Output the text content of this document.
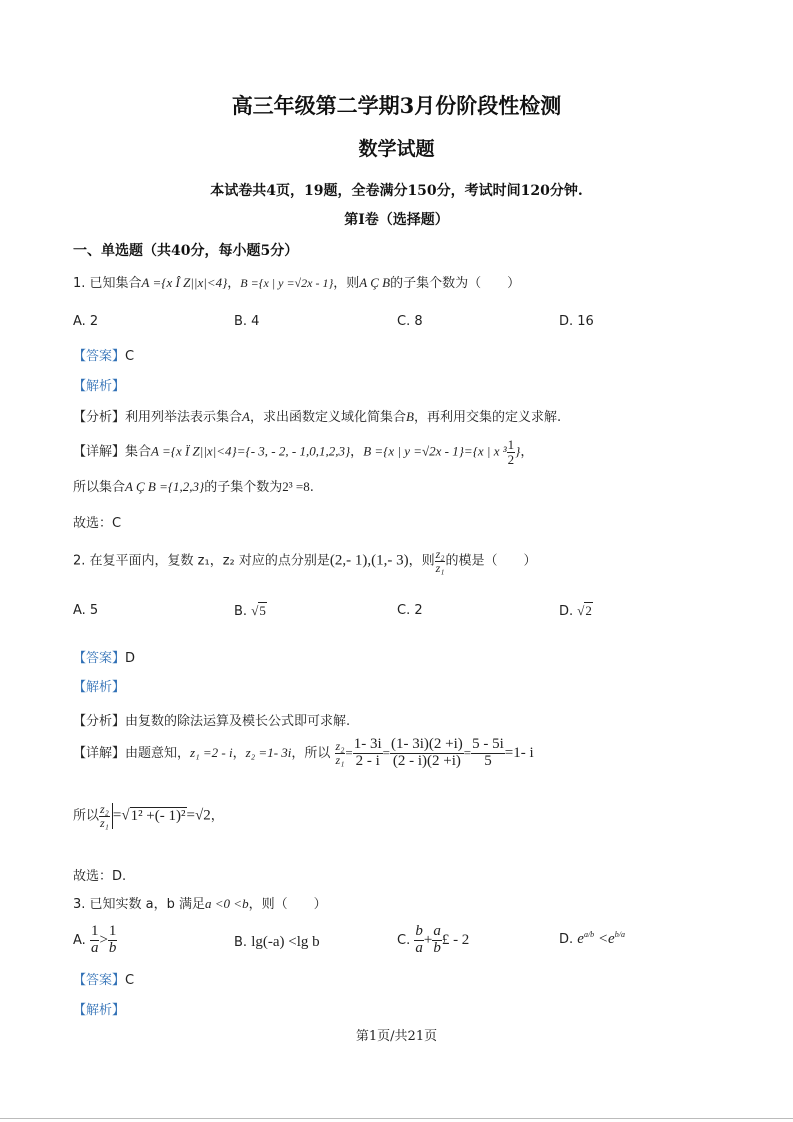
高三年级第二学期3月份阶段性检测
数学试题
本试卷共4页，19题，全卷满分150分，考试时间120分钟.
第I卷（选择题）
一、单选题（共40分，每小题5分）
1. 已知集合A ={x Î Z||x|<4}，B ={x | y =√2x - 1}，则A Ç B的子集个数为（　　）
A. 2	B. 4	C. 8	D. 16
【答案】C
【解析】
【分析】利用列举法表示集合A，求出函数定义域化简集合B，再利用交集的定义求解.
【详解】集合A ={x Ï Z||x|<4}={- 3, - 2, - 1,0,1,2,3}，B ={x | y =√2x - 1}={x | x $^3 \frac{1}{2}$ }，
所以集合A Ç B ={1,2,3}的子集个数为2³ =8.
故选：C
2. 在复平面内，复数 z₁，z₂ 对应的点分别是(2,- 1),(1,- 3)，则 $\frac{\text{z₂}}{\text{z₁}}$ 的模是（　　）
A. 5	B. √5	C. 2	D. √2
【答案】D
【解析】
【分析】由复数的除法运算及模长公式即可求解.
【详解】由题意知，z₁ =2 - i，z₂ =1- 3i，所以 $\frac{\text{z₂}}{\text{z₁}} = \frac{1- 3i}{2 - i} = \frac{(1- 3i)(2 +i)}{(2 - i)(2 +i)} = \frac{5 - 5i}{5} =1-$ i
所以 $\frac{\text{z₂}}{\text{z₁}} =√1^2$ +(- 1)²=√2，
故选：D.
3. 已知实数 a，b 满足a <0 <b，则（　　）
A. $\frac{1}{a} > \frac{1}{b}$	B. lg(-a) <lg b	C. $\frac{b}{a} + \frac{a}{b}$ £ - 2	D. $e^{a/b} <e^{b/a}$
【答案】C
【解析】
第1页/共21页
